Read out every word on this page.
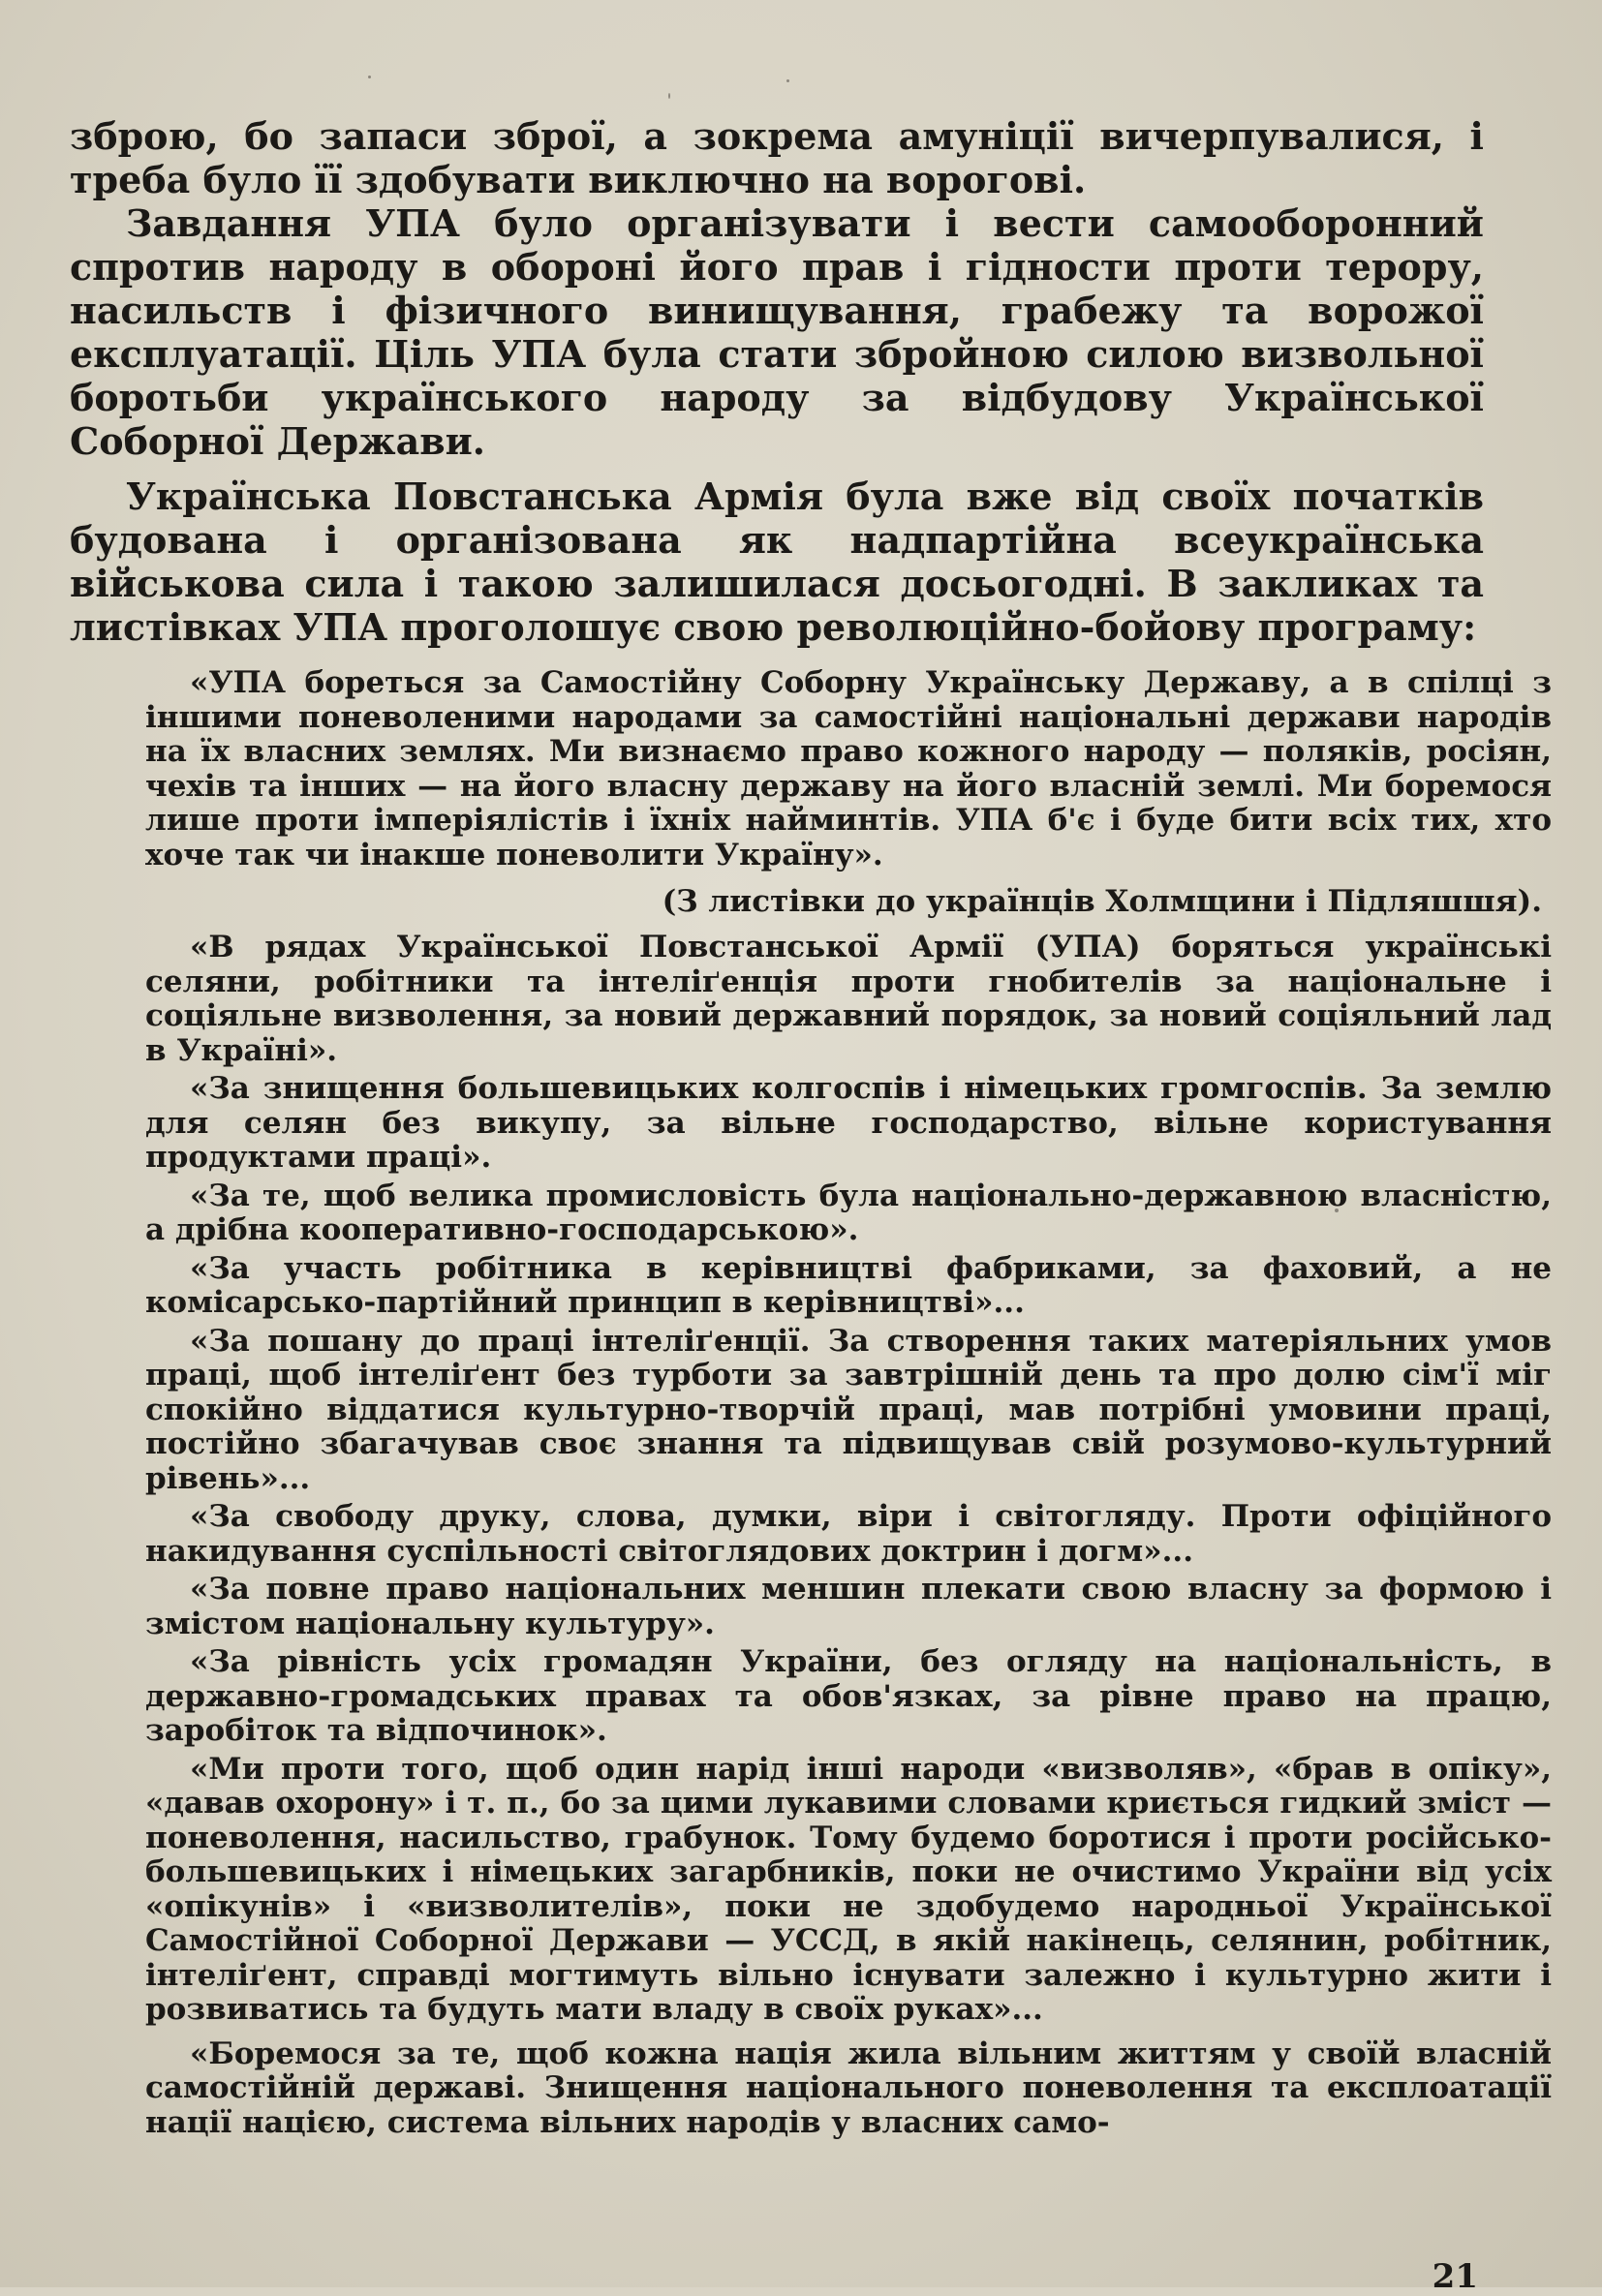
зброю, бо запаси зброї, а зокрема амуніції вичерпувалися, і треба було її здобувати виключно на ворогові.

Завдання УПА було організувати і вести самооборонний спротив народу в обороні його прав і гідности проти терору, насильств і фізичного винищування, грабежу та ворожої експлуатації. Ціль УПА була стати збройною силою визвольної боротьби українського народу за відбудову Української Соборної Держави.

Українська Повстанська Армія була вже від своїх початків будована і організована як надпартійна всеукраїнська військова сила і такою залишилася досьогодні. В закликах та листівках УПА проголошує свою революційно-бойову програму:

«УПА бореться за Самостійну Соборну Українську Державу, а в спілці з іншими поневоленими народами за самостійні національні держави народів на їх власних землях. Ми визнаємо право кожного народу — поляків, росіян, чехів та інших — на його власну державу на його власній землі. Ми боремося лише проти імперіялістів і їхніх найминтів. УПА б'є і буде бити всіх тих, хто хоче так чи інакше поневолити Україну».

(З листівки до українців Холмщини і Підляшшя).

«В рядах Української Повстанської Армії (УПА) боряться українські селяни, робітники та інтеліґенція проти гнобителів за національне і соціяльне визволення, за новий державний порядок, за новий соціяльний лад в Україні».

«За знищення большевицьких колгоспів і німецьких громгоспів. За землю для селян без викупу, за вільне господарство, вільне користування продуктами праці».

«За те, щоб велика промисловість була національно-державною власністю, а дрібна кооперативно-господарською».

«За участь робітника в керівництві фабриками, за фаховий, а не комісарсько-партійний принцип в керівництві»...

«За пошану до праці інтеліґенції. За створення таких матеріяльних умов праці, щоб інтеліґент без турботи за завтрішній день та про долю сім'ї міг спокійно віддатися культурно-творчій праці, мав потрібні умовини праці, постійно збагачував своє знання та підвищував свій розумово-культурний рівень»...

«За свободу друку, слова, думки, віри і світогляду. Проти офіційного накидування суспільності світоглядових доктрин і догм»...

«За повне право національних меншин плекати свою власну за формою і змістом національну культуру».

«За рівність усіх громадян України, без огляду на національність, в державно-громадських правах та обов'язках, за рівне право на працю, заробіток та відпочинок».

«Ми проти того, щоб один нарід інші народи «визволяв», «брав в опіку», «давав охорону» і т. п., бо за цими лукавими словами криється гидкий зміст — поневолення, насильство, грабунок. Тому будемо боротися і проти російсько-большевицьких і німецьких загарбників, поки не очистимо України від усіх «опікунів» і «визволителів», поки не здобудемо народньої Української Самостійної Соборної Держави — УССД, в якій накінець, селянин, робітник, інтеліґент, справді могтимуть вільно існувати залежно і культурно жити і розвиватись та будуть мати владу в своїх руках»...

«Боремося за те, щоб кожна нація жила вільним життям у своїй власній самостійній державі. Знищення національного поневолення та експлоатації нації нацією, система вільних народів у власних само-

21
